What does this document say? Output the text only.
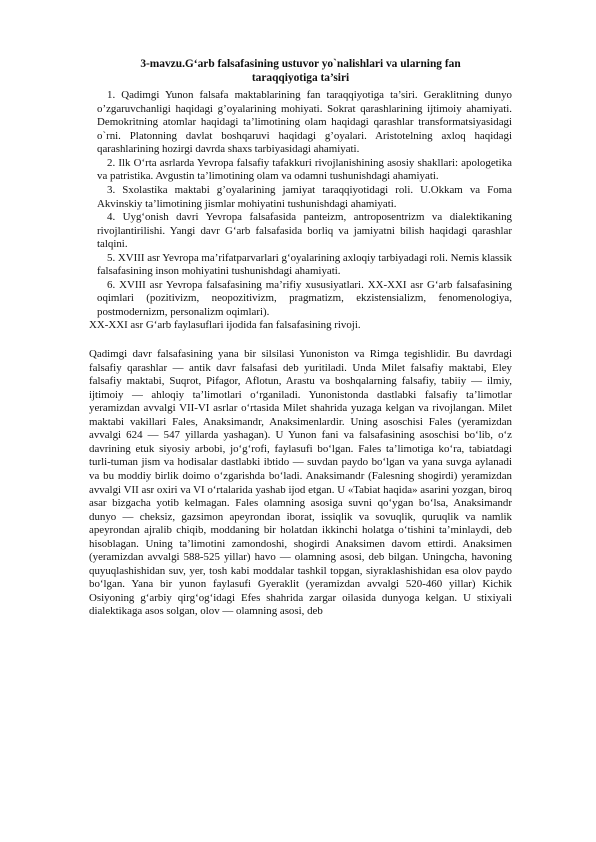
3-mavzu.G‘arb falsafasining ustuvor yo`nalishlari va ularning fan
taraqqiyotiga ta’siri
1. Qadimgi Yunon falsafa maktablarining fan taraqqiyotiga ta’siri. Geraklitning dunyo o’zgaruvchanligi haqidagi g’oyalarining mohiyati. Sokrat qarashlarining ijtimoiy ahamiyati. Demokritning atomlar haqidagi ta’limotining olam haqidagi qarashlar transformatsiyasidagi o`rni. Platonning davlat boshqaruvi haqidagi g’oyalari. Aristotelning axloq haqidagi qarashlarining hozirgi davrda shaxs tarbiyasidagi ahamiyati.
2. Ilk O‘rta asrlarda Yevropa falsafiy tafakkuri rivojlanishining asosiy shakllari: apologetika va patristika. Avgustin ta’limotining olam va odamni tushunishdagi ahamiyati.
3. Sxolastika maktabi g’oyalarining jamiyat taraqqiyotidagi roli. U.Okkam va Foma Akvinskiy ta’limotining jismlar mohiyatini tushunishdagi ahamiyati.
4. Uyg‘onish davri Yevropa falsafasida panteizm, antroposentrizm va dialektikaning rivojlantirilishi. Yangi davr G‘arb falsafasida borliq va jamiyatni bilish haqidagi qarashlar talqini.
5. XVIII asr Yevropa ma’rifatparvarlari g‘oyalarining axloqiy tarbiyadagi roli. Nemis klassik falsafasining inson mohiyatini tushunishdagi ahamiyati.
6. XVIII asr Yevropa falsafasining ma’rifiy xususiyatlari. XX-XXI asr G‘arb falsafasining oqimlari (pozitivizm, neopozitivizm, pragmatizm, ekzistensializm, fenomenologiya, postmodernizm, personalizm oqimlari).

XX-XXI asr G‘arb faylasuflari ijodida fan falsafasining rivoji.

Qadimgi davr falsafasining yana bir silsilasi Yunoniston va Rimga tegishlidir. Bu davrdagi falsafiy qarashlar — antik davr falsafasi deb yuritiladi. Unda Milet falsafiy maktabi, Eley falsafiy maktabi, Suqrot, Pifagor, Aflotun, Arastu va boshqalarning falsafiy, tabiiy — ilmiy, ijtimoiy — ahloqiy ta’limotlari o‘rganiladi. Yunonistonda dastlabki falsafiy ta’limotlar yeramizdan avvalgi VII-VI asrlar o‘rtasida Milet shahrida yuzaga kelgan va rivojlangan. Milet maktabi vakillari Fales, Anaksimandr, Anaksimenlardir. Uning asoschisi Fales (yeramizdan avvalgi 624 — 547 yillarda yashagan). U Yunon fani va falsafasining asoschisi bo‘lib, o‘z davrining etuk siyosiy arbobi, jo‘g‘rofi, faylasufi bo‘lgan. Fales ta’limotiga ko‘ra, tabiatdagi turli-tuman jism va hodisalar dastlabki ibtido — suvdan paydo bo‘lgan va yana suvga aylanadi va bu moddiy birlik doimo o‘zgarishda bo‘ladi. Anaksimandr (Falesning shogirdi) yeramizdan avvalgi VII asr oxiri va VI o‘rtalarida yashab ijod etgan. U «Tabiat haqida» asarini yozgan, biroq asar bizgacha yotib kelmagan. Fales olamning asosiga suvni qo‘ygan bo‘lsa, Anaksimandr dunyo — cheksiz, gazsimon apeyrondan iborat, issiqlik va sovuqlik, quruqlik va namlik apeyrondan ajralib chiqib, moddaning bir holatdan ikkinchi holatga o‘tishini ta’minlaydi, deb hisoblagan. Uning ta’limotini zamondoshi, shogirdi Anaksimen davom ettirdi. Anaksimen (yeramizdan avvalgi 588-525 yillar) havo — olamning asosi, deb bilgan. Uningcha, havoning quyuqlashishidan suv, yer, tosh kabi moddalar tashkil topgan, siyraklashishidan esa olov paydo bo‘lgan. Yana bir yunon faylasufi Gyeraklit (yeramizdan avvalgi 520-460 yillar) Kichik Osiyoning g‘arbiy qirg‘og‘idagi Efes shahrida zargar oilasida dunyoga kelgan. U stixiyali dialektikaga asos solgan, olov — olamning asosi, deb
